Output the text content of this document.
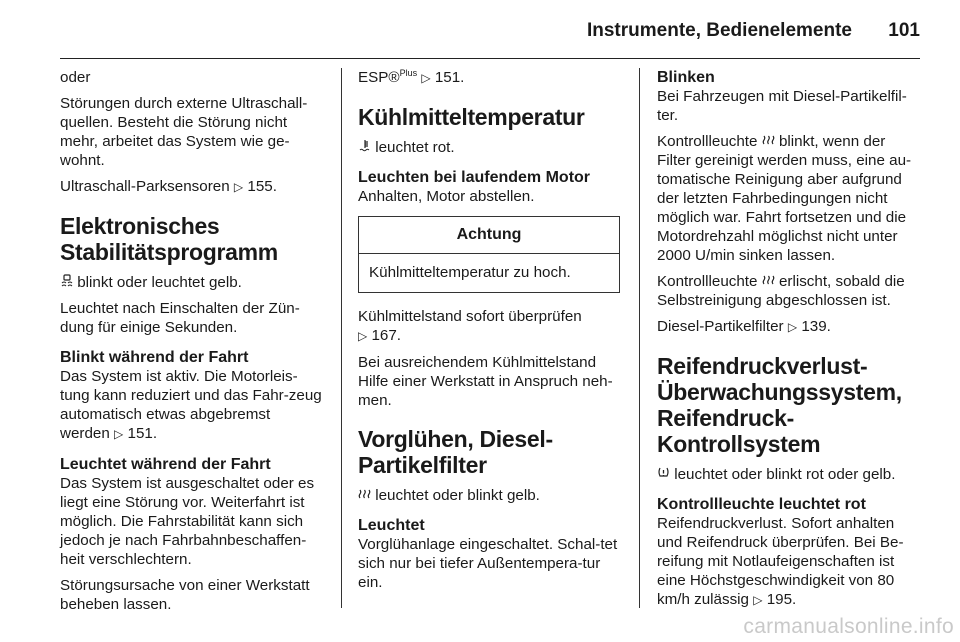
Instrumente, Bedienelemente 101

oder

Störungen durch externe Ultraschall-quellen. Besteht die Störung nicht mehr, arbeitet das System wie ge-wohnt.

Ultraschall-Parksensoren ▷ 155.

Elektronisches Stabilitätsprogramm

blinkt oder leuchtet gelb.

Leuchtet nach Einschalten der Zün-dung für einige Sekunden.

Blinkt während der Fahrt

Das System ist aktiv. Die Motorleis-tung kann reduziert und das Fahr-zeug automatisch etwas abgebremst werden ▷ 151.

Leuchtet während der Fahrt

Das System ist ausgeschaltet oder es liegt eine Störung vor. Weiterfahrt ist möglich. Die Fahrstabilität kann sich jedoch je nach Fahrbahnbeschaffen-heit verschlechtern.

Störungsursache von einer Werkstatt beheben lassen.

ESP®$^{Plus}$ ▷ 151.

Kühlmitteltemperatur

leuchtet rot.

Leuchten bei laufendem Motor

Anhalten, Motor abstellen.

Achtung
Kühlmitteltemperatur zu hoch.

Kühlmittelstand sofort überprüfen
▷ 167.

Bei ausreichendem Kühlmittelstand Hilfe einer Werkstatt in Anspruch neh-men.

Vorglühen, Diesel-Partikelfilter

leuchtet oder blinkt gelb.

Leuchtet

Vorglühanlage eingeschaltet. Schal-tet sich nur bei tiefer Außentempera-tur ein.

Blinken

Bei Fahrzeugen mit Diesel-Partikelfil-ter.

Kontrollleuchte blinkt, wenn der Filter gereinigt werden muss, eine au-tomatische Reinigung aber aufgrund der letzten Fahrbedingungen nicht möglich war. Fahrt fortsetzen und die Motordrehzahl möglichst nicht unter 2000 U/min sinken lassen.

Kontrollleuchte erlischt, sobald die Selbstreinigung abgeschlossen ist.

Diesel-Partikelfilter ▷ 139.

Reifendruckverlust-Überwachungssystem, Reifendruck-Kontrollsystem

leuchtet oder blinkt rot oder gelb.

Kontrollleuchte leuchtet rot

Reifendruckverlust. Sofort anhalten und Reifendruck überprüfen. Bei Be-reifung mit Notlaufeigenschaften ist eine Höchstgeschwindigkeit von 80 km/h zulässig ▷ 195.

carmanualsonline.info
